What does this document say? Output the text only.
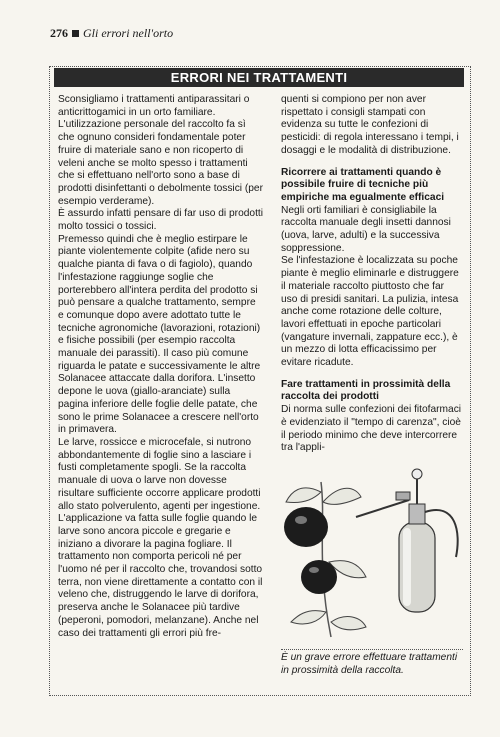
276 Gli errori nell'orto
ERRORI NEI TRATTAMENTI

Sconsigliamo i trattamenti antiparassitari o anticrittogamici in un orto familiare. L'utilizzazione personale del raccolto fa sì che ognuno consideri fondamentale poter fruire di materiale sano e non ricoperto di veleni anche se molto spesso i trattamenti che si effettuano nell'orto sono a base di prodotti disinfettanti o debolmente tossici (per esempio verderame).

È assurdo infatti pensare di far uso di prodotti molto tossici o tossici.

Premesso quindi che è meglio estirpare le piante violentemente colpite (afide nero su qualche pianta di fava o di fagiolo), quando l'infestazione raggiunge soglie che porterebbero all'intera perdita del prodotto si può pensare a qualche trattamento, sempre e comunque dopo avere adottato tutte le tecniche agronomiche (lavorazioni, rotazioni) e fisiche possibili (per esempio raccolta manuale dei parassiti). Il caso più comune riguarda le patate e successivamente le altre Solanacee attaccate dalla dorifora. L'insetto depone le uova (giallo-aranciate) sulla pagina inferiore delle foglie delle patate, che sono le prime Solanacee a crescere nell'orto in primavera.

Le larve, rossicce e microcefale, si nutrono abbondantemente di foglie sino a lasciare i fusti completamente spogli. Se la raccolta manuale di uova o larve non dovesse risultare sufficiente occorre applicare prodotti allo stato polverulento, agenti per ingestione.

L'applicazione va fatta sulle foglie quando le larve sono ancora piccole e gregarie e iniziano a divorare la pagina fogliare. Il trattamento non comporta pericoli né per l'uomo né per il raccolto che, trovandosi sotto terra, non viene direttamente a contatto con il veleno che, distruggendo le larve di dorifora, preserva anche le Solanacee più tardive (peperoni, pomodori, melanzane). Anche nel caso dei trattamenti gli errori più fre-

quenti si compiono per non aver rispettato i consigli stampati con evidenza su tutte le confezioni di pesticidi: di regola interessano i tempi, i dosaggi e le modalità di distribuzione.

Ricorrere ai trattamenti quando è possibile fruire di tecniche più empiriche ma egualmente efficaci

Negli orti familiari è consigliabile la raccolta manuale degli insetti dannosi (uova, larve, adulti) e la successiva soppressione.

Se l'infestazione è localizzata su poche piante è meglio eliminarle e distruggere il materiale raccolto piuttosto che far uso di presidi sanitari. La pulizia, intesa anche come rotazione delle colture, lavori effettuati in epoche particolari (vangature invernali, zappature ecc.), è un mezzo di lotta efficacissimo per evitare ricadute.

Fare trattamenti in prossimità della raccolta dei prodotti

Di norma sulle confezioni dei fitofarmaci è evidenziato il "tempo di carenza", cioè il periodo minimo che deve intercorrere tra l'appli-

È un grave errore effettuare trattamenti in prossimità della raccolta.
